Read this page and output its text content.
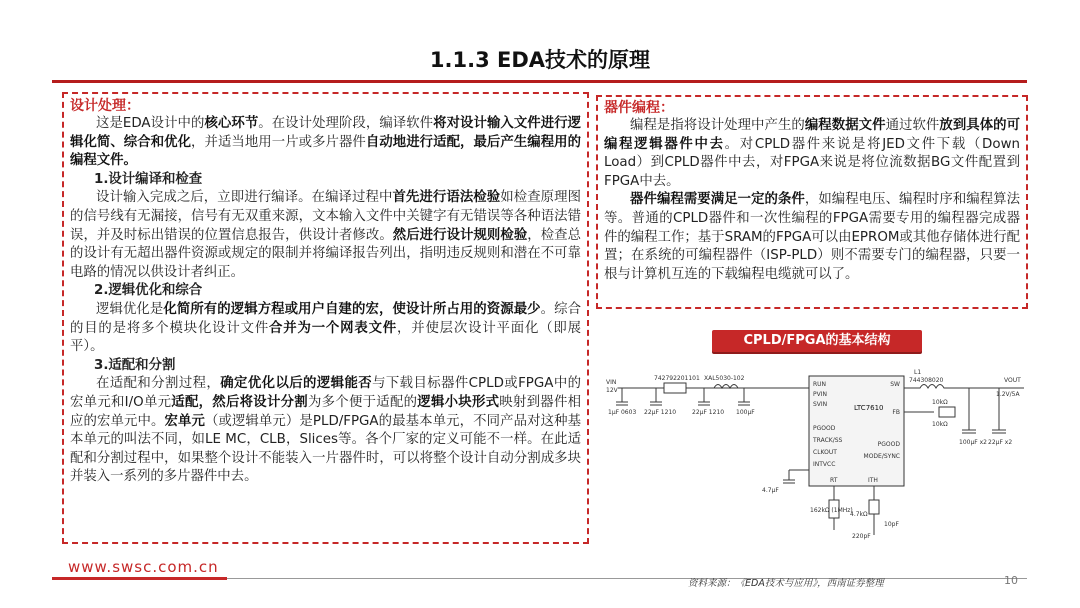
1.1.3 EDA技术的原理
设计处理：

这是EDA设计中的核心环节。在设计处理阶段，编译软件将对设计输入文件进行逻辑化简、综合和优化，并适当地用一片或多片器件自动地进行适配，最后产生编程用的编程文件。

1.设计编译和检查

设计输入完成之后，立即进行编译。在编译过程中首先进行语法检验如检查原理图的信号线有无漏接，信号有无双重来源，文本输入文件中关键字有无错误等各种语法错误，并及时标出错误的位置信息报告，供设计者修改。然后进行设计规则检验，检查总的设计有无超出器件资源或规定的限制并将编译报告列出，指明违反规则和潜在不可靠电路的情况以供设计者纠正。

2.逻辑优化和综合

逻辑优化是化简所有的逻辑方程或用户自建的宏，使设计所占用的资源最少。综合的目的是将多个模块化设计文件合并为一个网表文件，并使层次设计平面化（即展平）。

3.适配和分割

在适配和分割过程，确定优化以后的逻辑能否与下载目标器件CPLD或FPGA中的宏单元和I/O单元适配，然后将设计分割为多个便于适配的逻辑小块形式映射到器件相应的宏单元中。宏单元（或逻辑单元）是PLD/FPGA的最基本单元，不同产品对这种基本单元的叫法不同，如LE MC，CLB，Slices等。各个厂家的定义可能不一样。在此适配和分割过程中，如果整个设计不能装入一片器件时，可以将整个设计自动分割成多块并装入一系列的多片器件中去。

器件编程：

编程是指将设计处理中产生的编程数据文件通过软件放到具体的可编程逻辑器件中去。对CPLD器件来说是将JED文件下载（Down Load）到CPLD器件中去，对FPGA来说是将位流数据BG文件配置到FPGA中去。
器件编程需要满足一定的条件，如编程电压、编程时序和编程算法等。普通的CPLD器件和一次性编程的FPGA需要专用的编程器完成器件的编程工作；基于SRAM的FPGA可以由EPROM或其他存储体进行配置；在系统的可编程器件（ISP-PLD）则不需要专门的编程器，只要一根与计算机互连的下载编程电缆就可以了。

CPLD/FPGA的基本结构
VIN
12V
742792201101 XAL5030-102
L1
744308020	VOUT
1.2V/5A
SW
FB
PGOOD
MODE/SYNC
RUN
PVIN
SVIN
PGOOD
TRACK/SS
CLKOUT
INTVCC
RT	ITH
LTC7610
1μF 0603 22μF 1210	22μF 1210 100μF
4.7μF
10pF
100μF x2 22μF x2
220pF
4.7kΩ
10kΩ
10kΩ
162kΩ (1MHz)
www.swsc.com.cn
资料来源：《EDA技术与应用》，西南证券整理	10
